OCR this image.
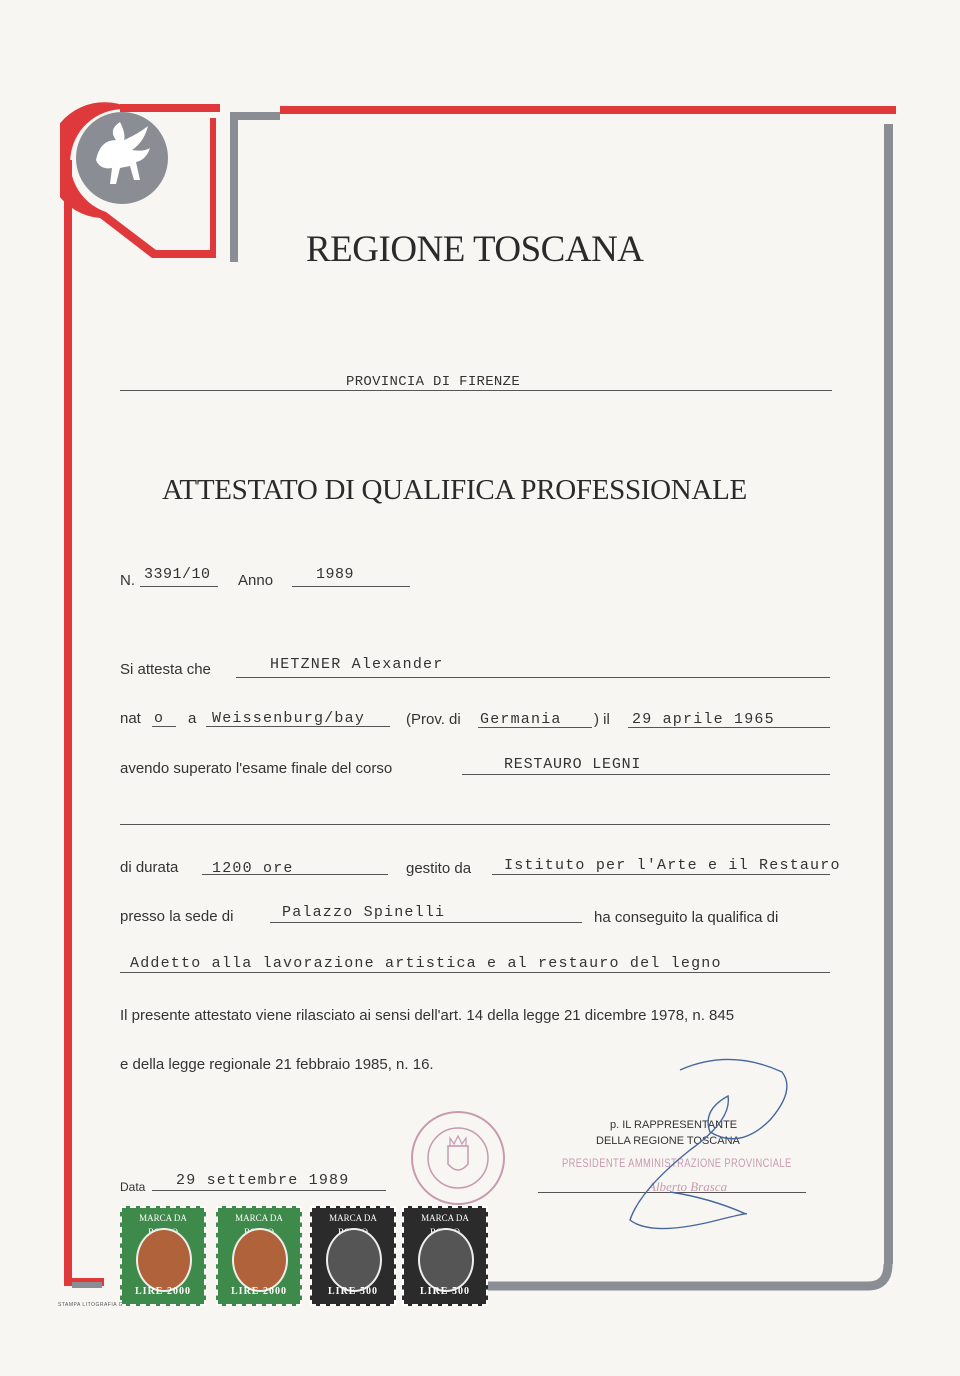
REGIONE TOSCANA
PROVINCIA DI FIRENZE
ATTESTATO DI QUALIFICA PROFESSIONALE
N. 3391/10 Anno	1989
Si attesta che	HETZNER Alexander
nat o a Weissenburg/bay	(Prov. di Germania ) il 29 aprile 1965
avendo superato l'esame finale del corso	RESTAURO LEGNI
di durata 1200 ore	gestito da Istituto per l'Arte e il Restauro
presso la sede di	Palazzo Spinelli	ha conseguito la qualifica di
Addetto alla lavorazione artistica e al restauro del legno
Il presente attestato viene rilasciato ai sensi dell'art. 14 della legge 21 dicembre 1978, n. 845
e della legge regionale 21 febbraio 1985, n. 16.
p. IL RAPPRESENTANTE
DELLA REGIONE TOSCANA
PRESIDENTE AMMINISTRAZIONE PROVINCIALE
Alberto Brasca
Data 29 settembre 1989
MARCA DA
LIRE 2000
MARCA DA
LIRE 2000
MARCA DA
LIRE 500
MARCA DA
LIRE 500
STAMPA LITOGRAFIA G
